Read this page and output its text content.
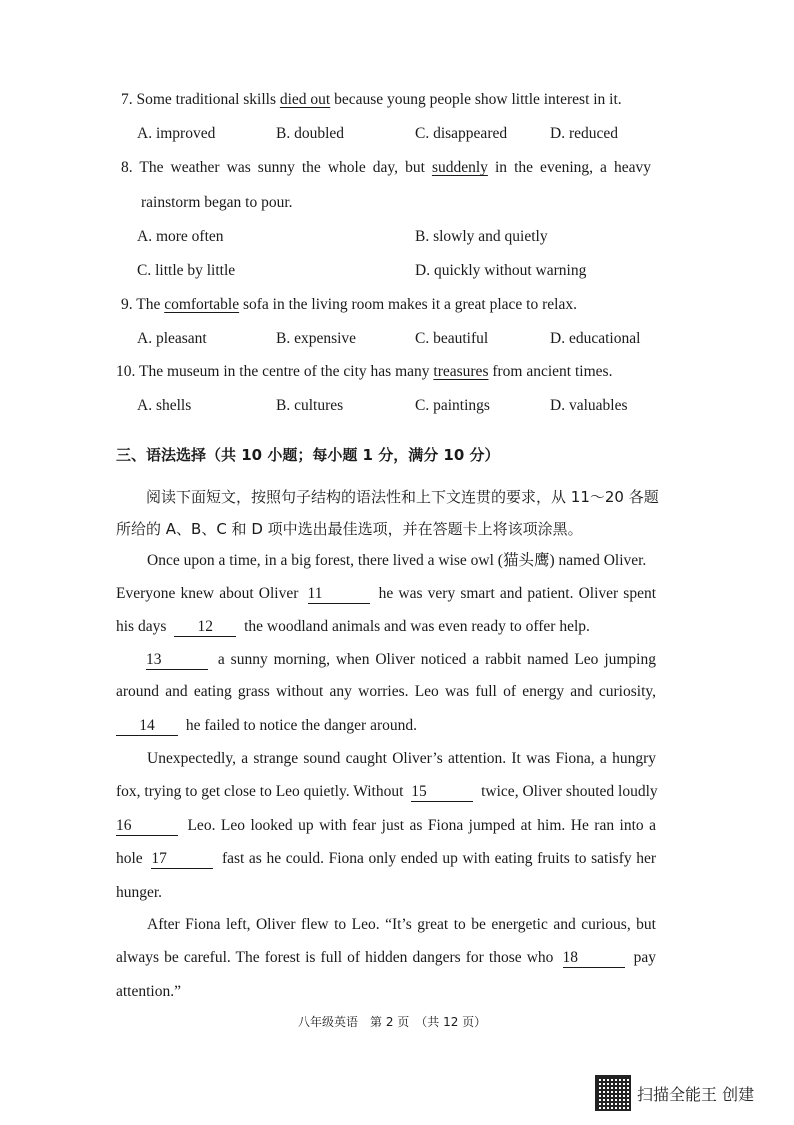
7. Some traditional skills died out because young people show little interest in it.
A. improved	B. doubled	C. disappeared	D. reduced
8. The weather was sunny the whole day, but suddenly in the evening, a heavy
rainstorm began to pour.
A. more often	B. slowly and quietly
C. little by little	D. quickly without warning
9. The comfortable sofa in the living room makes it a great place to relax.
A. pleasant	B. expensive	C. beautiful	D. educational
10. The museum in the centre of the city has many treasures from ancient times.
A. shells	B. cultures	C. paintings	D. valuables
三、语法选择（共 10 小题；每小题 1 分，满分 10 分）
阅读下面短文，按照句子结构的语法性和上下文连贯的要求，从 11～20 各题
所给的 A、B、C 和 D 项中选出最佳选项，并在答题卡上将该项涂黑。
Once upon a time, in a big forest, there lived a wise owl (猫头鹰) named Oliver.
Everyone knew about Oliver 11	he was very smart and patient. Oliver spent
his days 12 the woodland animals and was even ready to offer help.
13	a sunny morning, when Oliver noticed a rabbit named Leo jumping
around and eating grass without any worries. Leo was full of energy and curiosity,
14 he failed to notice the danger around.
Unexpectedly, a strange sound caught Oliver’s attention. It was Fiona, a hungry
fox, trying to get close to Leo quietly. Without 15	twice, Oliver shouted loudly
16	Leo. Leo looked up with fear just as Fiona jumped at him. He ran into a
hole 17	fast as he could. Fiona only ended up with eating fruits to satisfy her
hunger.
After Fiona left, Oliver flew to Leo. “It’s great to be energetic and curious, but
always be careful. The forest is full of hidden dangers for those who 18	pay
attention.”
八年级英语　第 2 页　（共 12 页）
扫描全能王 创建
